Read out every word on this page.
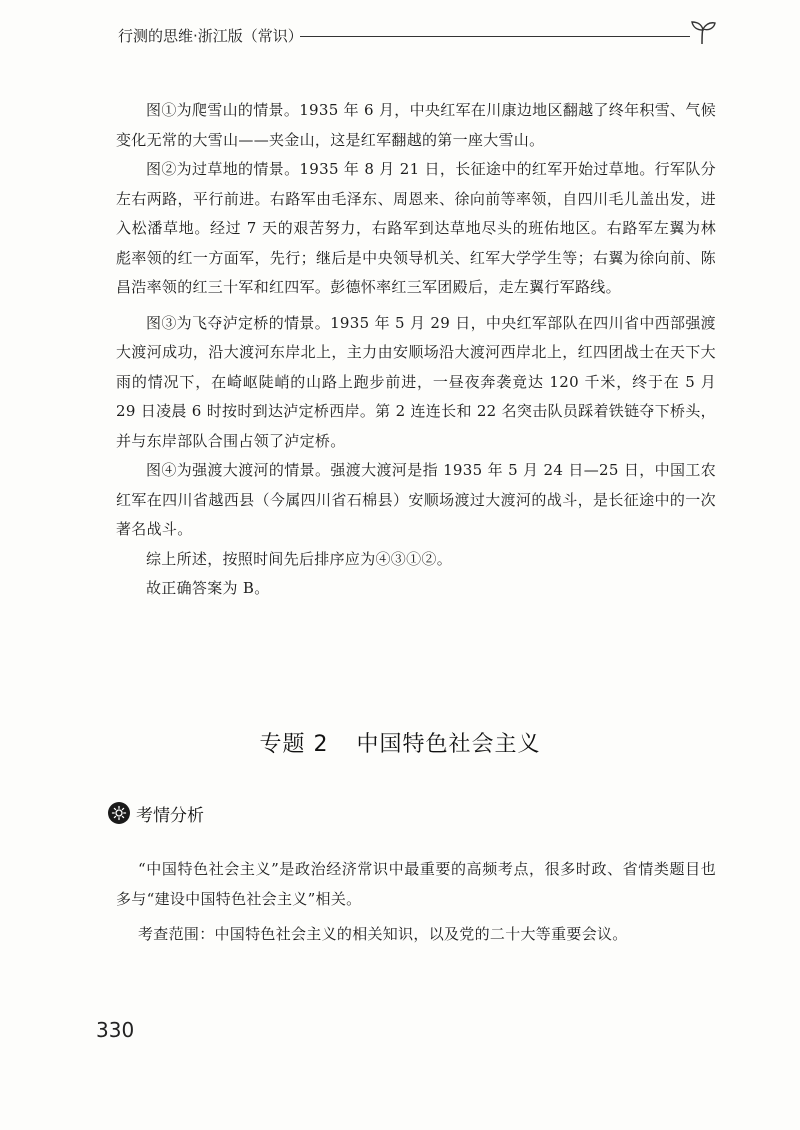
行测的思维·浙江版（常识）

图①为爬雪山的情景。1935 年 6 月，中央红军在川康边地区翻越了终年积雪、气候变化无常的大雪山——夹金山，这是红军翻越的第一座大雪山。

图②为过草地的情景。1935 年 8 月 21 日，长征途中的红军开始过草地。行军队分左右两路，平行前进。右路军由毛泽东、周恩来、徐向前等率领，自四川毛儿盖出发，进入松潘草地。经过 7 天的艰苦努力，右路军到达草地尽头的班佑地区。右路军左翼为林彪率领的红一方面军，先行；继后是中央领导机关、红军大学学生等；右翼为徐向前、陈昌浩率领的红三十军和红四军。彭德怀率红三军团殿后，走左翼行军路线。

图③为飞夺泸定桥的情景。1935 年 5 月 29 日，中央红军部队在四川省中西部强渡大渡河成功，沿大渡河东岸北上，主力由安顺场沿大渡河西岸北上，红四团战士在天下大雨的情况下，在崎岖陡峭的山路上跑步前进，一昼夜奔袭竟达 120 千米，终于在 5 月 29 日凌晨 6 时按时到达泸定桥西岸。第 2 连连长和 22 名突击队员踩着铁链夺下桥头，并与东岸部队合围占领了泸定桥。

图④为强渡大渡河的情景。强渡大渡河是指 1935 年 5 月 24 日—25 日，中国工农红军在四川省越西县（今属四川省石棉县）安顺场渡过大渡河的战斗，是长征途中的一次著名战斗。

综上所述，按照时间先后排序应为④③①②。

故正确答案为 B。

专题 2 中国特色社会主义
考情分析

“中国特色社会主义”是政治经济常识中最重要的高频考点，很多时政、省情类题目也多与“建设中国特色社会主义”相关。

考查范围：中国特色社会主义的相关知识，以及党的二十大等重要会议。

330
